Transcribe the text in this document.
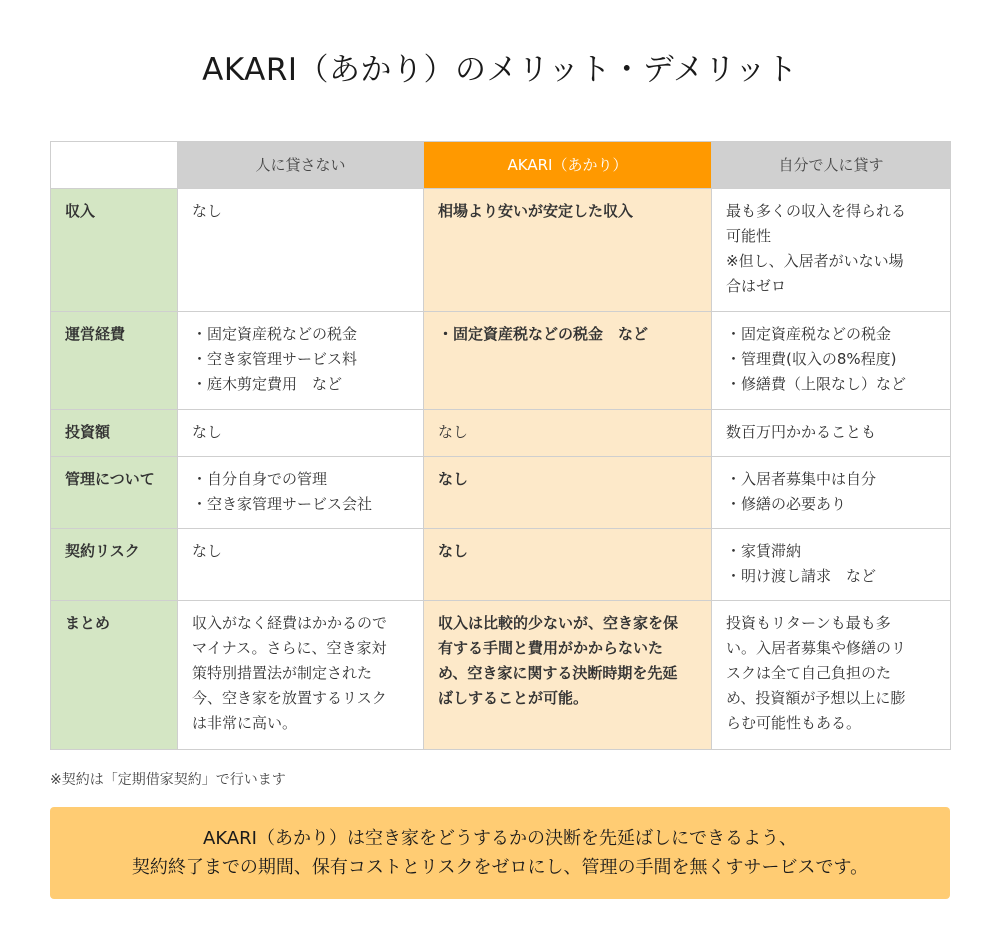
AKARI（あかり）のメリット・デメリット
	人に貸さない	AKARI（あかり）	自分で人に貸す
収入	なし	相場より安いが安定した収入	最も多くの収入を得られる
可能性
※但し、入居者がいない場
合はゼロ

運営経費	・固定資産税などの税金
・空き家管理サービス料
・庭木剪定費用　など	・固定資産税などの税金　など	・固定資産税などの税金
・管理費(収入の8%程度)
・修繕費（上限なし）など

投資額	なし	なし	数百万円かかることも

管理について	・自分自身での管理
・空き家管理サービス会社	なし	・入居者募集中は自分
・修繕の必要あり

契約リスク	なし	なし	・家賃滞納
・明け渡し請求　など

まとめ	収入がなく経費はかかるので
マイナス。さらに、空き家対
策特別措置法が制定された
今、空き家を放置するリスク
は非常に高い。	収入は比較的少ないが、空き家を保
有する手間と費用がかからないた
め、空き家に関する決断時期を先延
ばしすることが可能。	投資もリターンも最も多
い。入居者募集や修繕のリ
スクは全て自己負担のた
め、投資額が予想以上に膨
らむ可能性もある。
※契約は「定期借家契約」で行います
AKARI（あかり）は空き家をどうするかの決断を先延ばしにできるよう、
契約終了までの期間、保有コストとリスクをゼロにし、管理の手間を無くすサービスです。
